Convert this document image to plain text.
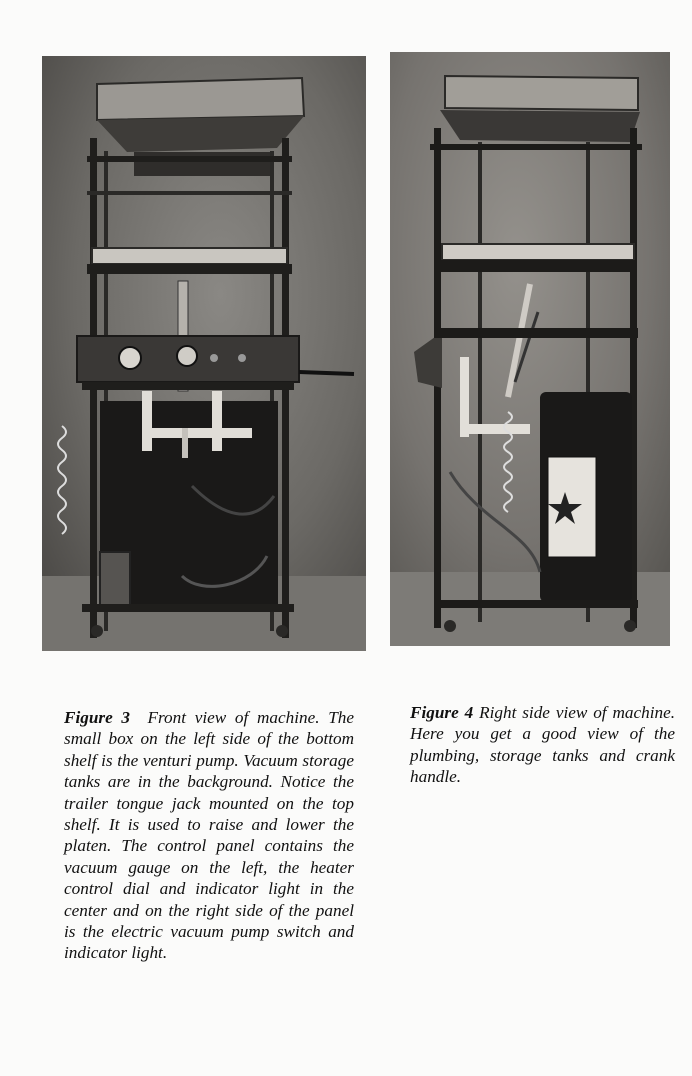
Figure 3 Front view of machine. The small box on the left side of the bottom shelf is the venturi pump. Vacuum storage tanks are in the background. Notice the trailer tongue jack mounted on the top shelf. It is used to raise and lower the platen. The control panel contains the vacuum gauge on the left, the heater control dial and indicator light in the center and on the right side of the panel is the electric vacuum pump switch and indicator light.

Figure 4 Right side view of machine. Here you get a good view of the plumbing, storage tanks and crank handle.
